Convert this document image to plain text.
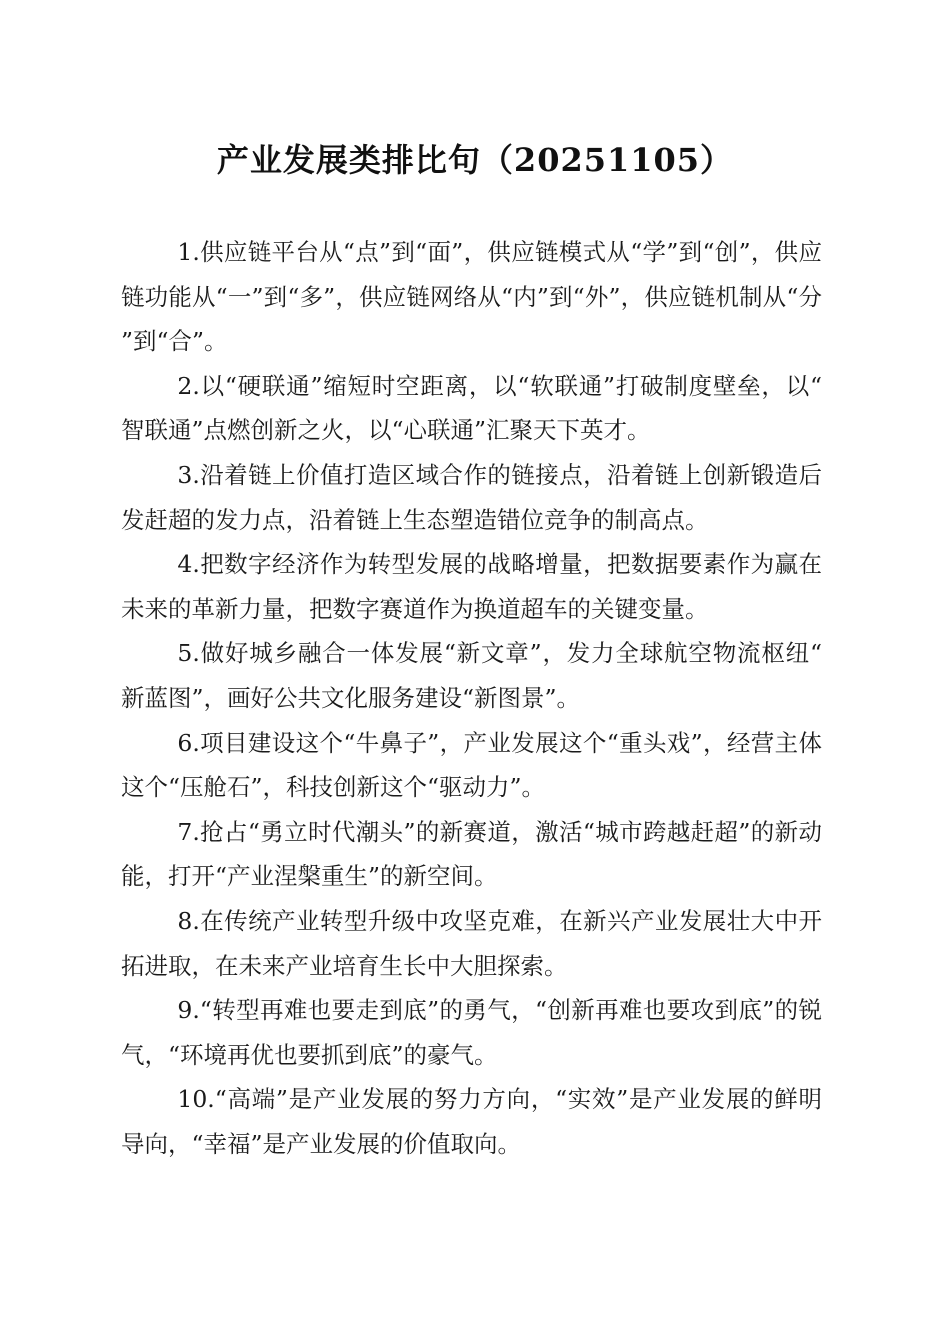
产业发展类排比句（20251105）

1.供应链平台从“点”到“面”，供应链模式从“学”到“创”，供应链功能从“一”到“多”，供应链网络从“内”到“外”，供应链机制从“分”到“合”。

2.以“硬联通”缩短时空距离，以“软联通”打破制度壁垒，以“智联通”点燃创新之火，以“心联通”汇聚天下英才。

3.沿着链上价值打造区域合作的链接点，沿着链上创新锻造后发赶超的发力点，沿着链上生态塑造错位竞争的制高点。

4.把数字经济作为转型发展的战略增量，把数据要素作为赢在未来的革新力量，把数字赛道作为换道超车的关键变量。

5.做好城乡融合一体发展“新文章”，发力全球航空物流枢纽“新蓝图”，画好公共文化服务建设“新图景”。

6.项目建设这个“牛鼻子”，产业发展这个“重头戏”，经营主体这个“压舱石”，科技创新这个“驱动力”。

7.抢占“勇立时代潮头”的新赛道，激活“城市跨越赶超”的新动能，打开“产业涅槃重生”的新空间。

8.在传统产业转型升级中攻坚克难，在新兴产业发展壮大中开拓进取，在未来产业培育生长中大胆探索。

9.“转型再难也要走到底”的勇气，“创新再难也要攻到底”的锐气，“环境再优也要抓到底”的豪气。

10.“高端”是产业发展的努力方向，“实效”是产业发展的鲜明导向，“幸福”是产业发展的价值取向。
